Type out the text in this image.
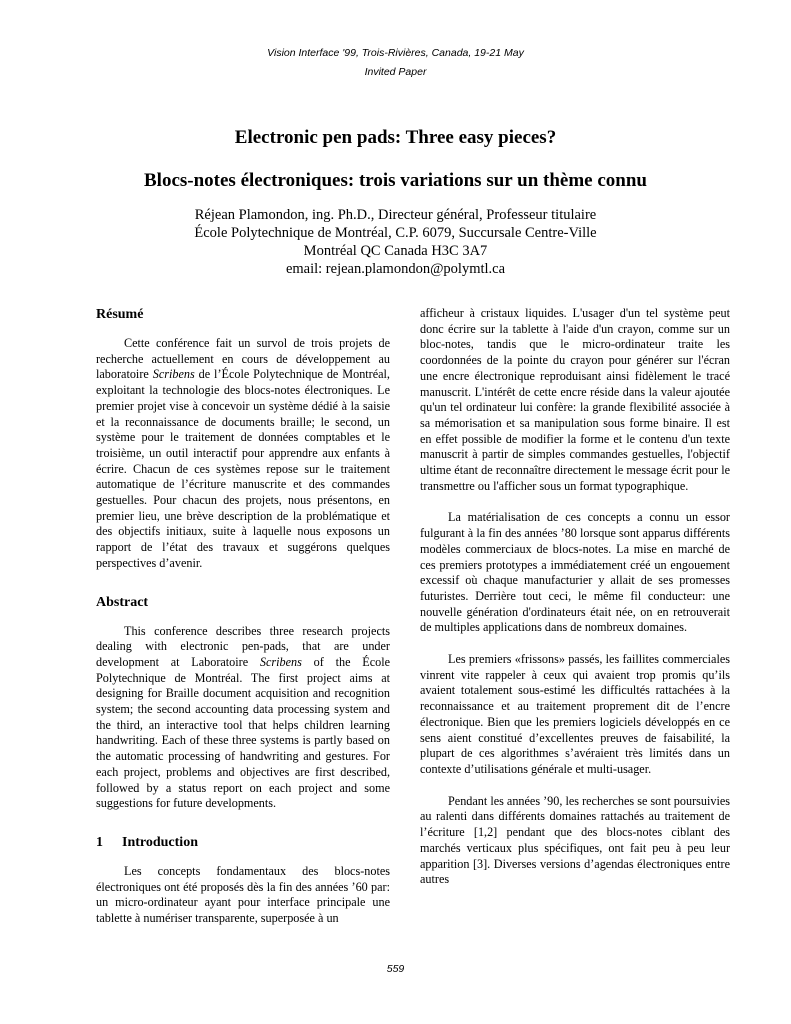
Vision Interface '99, Trois-Rivières, Canada, 19-21 May
Invited Paper
Electronic pen pads: Three easy pieces?
Blocs-notes électroniques: trois variations sur un thème connu
Réjean Plamondon, ing. Ph.D., Directeur général, Professeur titulaire
École Polytechnique de Montréal, C.P. 6079, Succursale Centre-Ville
Montréal QC Canada H3C 3A7
email: rejean.plamondon@polymtl.ca
Résumé

Cette conférence fait un survol de trois projets de recherche actuellement en cours de développement au laboratoire Scribens de l’École Polytechnique de Montréal, exploitant la technologie des blocs-notes électroniques. Le premier projet vise à concevoir un système dédié à la saisie et la reconnaissance de documents braille; le second, un système pour le traitement de données comptables et le troisième, un outil interactif pour apprendre aux enfants à écrire. Chacun de ces systèmes repose sur le traitement automatique de l’écriture manuscrite et des commandes gestuelles. Pour chacun des projets, nous présentons, en premier lieu, une brève description de la problématique et des objectifs initiaux, suite à laquelle nous exposons un rapport de l’état des travaux et suggérons quelques perspectives d’avenir.

Abstract

This conference describes three research projects dealing with electronic pen-pads, that are under development at Laboratoire Scribens of the École Polytechnique de Montréal. The first project aims at designing for Braille document acquisition and recognition system; the second accounting data processing system and the third, an interactive tool that helps children learning handwriting. Each of these three systems is partly based on the automatic processing of handwriting and gestures. For each project, problems and objectives are first described, followed by a status report on each project and some suggestions for future developments.

1 Introduction

Les concepts fondamentaux des blocs-notes électroniques ont été proposés dès la fin des années ’60 par: un micro-ordinateur ayant pour interface principale une tablette à numériser transparente, superposée à un

afficheur à cristaux liquides. L'usager d'un tel système peut donc écrire sur la tablette à l'aide d'un crayon, comme sur un bloc-notes, tandis que le micro-ordinateur traite les coordonnées de la pointe du crayon pour générer sur l'écran une encre électronique reproduisant ainsi fidèlement le tracé manuscrit. L'intérêt de cette encre réside dans la valeur ajoutée qu'un tel ordinateur lui confère: la grande flexibilité associée à sa mémorisation et sa manipulation sous forme binaire. Il est en effet possible de modifier la forme et le contenu d'un texte manuscrit à partir de simples commandes gestuelles, l'objectif ultime étant de reconnaître directement le message écrit pour le transmettre ou l'afficher sous un format typographique.

La matérialisation de ces concepts a connu un essor fulgurant à la fin des années ’80 lorsque sont apparus différents modèles commerciaux de blocs-notes. La mise en marché de ces premiers prototypes a immédiatement créé un engouement excessif où chaque manufacturier y allait de ses promesses futuristes. Derrière tout ceci, le même fil conducteur: une nouvelle génération d'ordinateurs était née, on en retrouverait de multiples applications dans de nombreux domaines.

Les premiers «frissons» passés, les faillites commerciales vinrent vite rappeler à ceux qui avaient trop promis qu’ils avaient totalement sous-estimé les difficultés rattachées à la reconnaissance et au traitement proprement dit de l’encre électronique. Bien que les premiers logiciels développés en ce sens aient constitué d’excellentes preuves de faisabilité, la plupart de ces algorithmes s’avéraient très limités dans un contexte d’utilisations générale et multi-usager.

Pendant les années ’90, les recherches se sont poursuivies au ralenti dans différents domaines rattachés au traitement de l’écriture [1,2] pendant que des blocs-notes ciblant des marchés verticaux plus spécifiques, ont fait peu à peu leur apparition [3]. Diverses versions d’agendas électroniques entre autres

559
